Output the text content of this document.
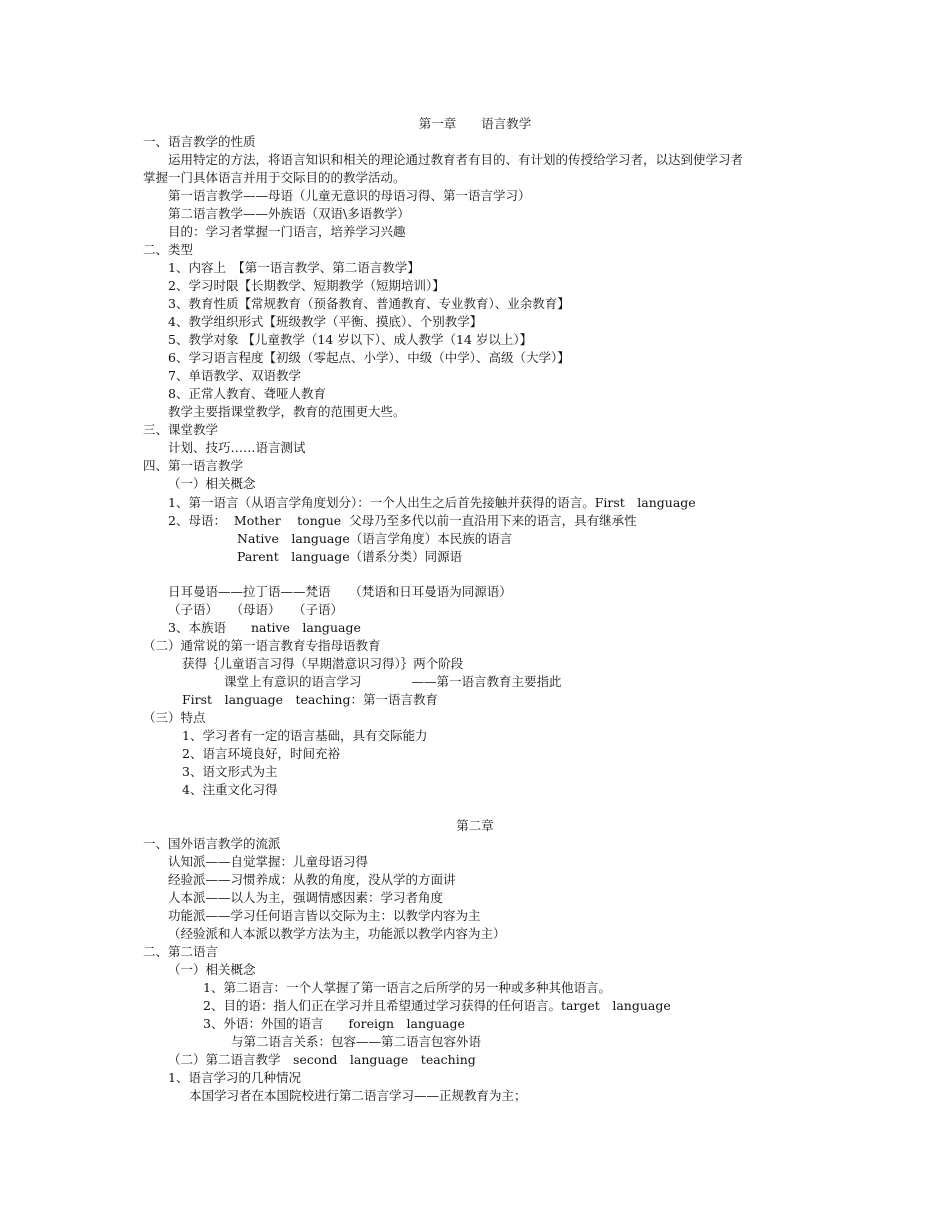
第一章　　语言教学
一、语言教学的性质
运用特定的方法，将语言知识和相关的理论通过教育者有目的、有计划的传授给学习者，以达到使学习者
掌握一门具体语言并用于交际目的的教学活动。
第一语言教学——母语（儿童无意识的母语习得、第一语言学习）
第二语言教学——外族语（双语\多语教学）
目的：学习者掌握一门语言，培养学习兴趣
二、类型
1、内容上　【第一语言教学、第二语言教学】
2、学习时限【长期教学、短期教学（短期培训）】
3、教育性质【常规教育（预备教育、普通教育、专业教育）、业余教育】
4、教学组织形式【班级教学（平衡、摸底）、个别教学】
5、教学对象 【儿童教学（14 岁以下）、成人教学（14 岁以上）】
6、学习语言程度【初级（零起点、小学）、中级（中学）、高级（大学）】
7、单语教学、双语教学
8、正常人教育、聋哑人教育
教学主要指课堂教学，教育的范围更大些。
三、课堂教学
计划、技巧……语言测试
四、第一语言教学
（一）相关概念
1、第一语言（从语言学角度划分）：一个人出生之后首先接触并获得的语言。First　language
2、母语：  Mother　 tongue  父母乃至多代以前一直沿用下来的语言，具有继承性
Native　language（语言学角度）本民族的语言
Parent　language（谱系分类）同源语
日耳曼语——拉丁语——梵语　　（梵语和日耳曼语为同源语）
（子语）　　（母语）　　（子语）
3、本族语　　native　language
（二）通常说的第一语言教育专指母语教育
获得｛儿童语言习得（早期潜意识习得）｝两个阶段
课堂上有意识的语言学习　　　　——第一语言教育主要指此
First　language　teaching：第一语言教育
（三）特点
1、学习者有一定的语言基础，具有交际能力
2、语言环境良好，时间充裕
3、语文形式为主
4、注重文化习得
第二章
一、国外语言教学的流派
认知派——自觉掌握：儿童母语习得
经验派——习惯养成：从教的角度，没从学的方面讲
人本派——以人为主，强调情感因素：学习者角度
功能派——学习任何语言皆以交际为主：以教学内容为主
（经验派和人本派以教学方法为主，功能派以教学内容为主）
二、第二语言
（一）相关概念
1、第二语言：一个人掌握了第一语言之后所学的另一种或多种其他语言。
2、目的语：指人们正在学习并且希望通过学习获得的任何语言。target　language
3、外语：外国的语言　　foreign　language
与第二语言关系：包容——第二语言包容外语
（二）第二语言教学　second　language　teaching
1、语言学习的几种情况
本国学习者在本国院校进行第二语言学习——正规教育为主；
